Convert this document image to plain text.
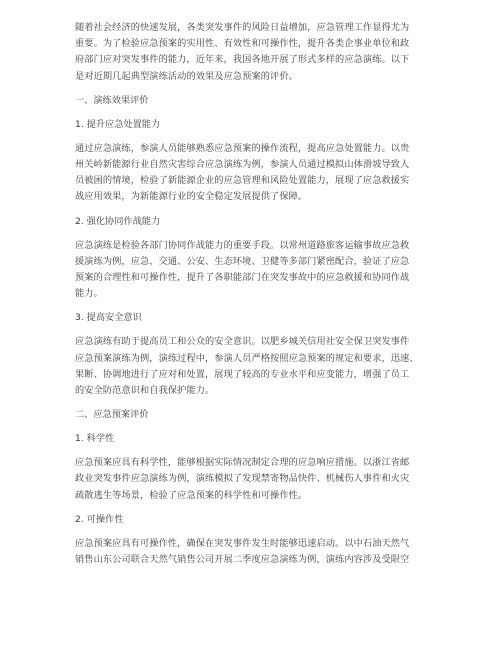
随着社会经济的快速发展，各类突发事件的风险日益增加，应急管理工作显得尤为
重要。为了检验应急预案的实用性、有效性和可操作性，提升各类企事业单位和政
府部门应对突发事件的能力，近年来，我国各地开展了形式多样的应急演练。以下
是对近期几起典型演练活动的效果及应急预案的评价。
一、演练效果评价
1. 提升应急处置能力
通过应急演练，参演人员能够熟悉应急预案的操作流程，提高应急处置能力。以贵
州关岭新能源行业自然灾害综合应急演练为例，参演人员通过模拟山体滑坡导致人
员被困的情境，检验了新能源企业的应急管理和风险处置能力，展现了应急救援实
战应用效果，为新能源行业的安全稳定发展提供了保障。
2. 强化协同作战能力
应急演练是检验各部门协同作战能力的重要手段。以常州道路旅客运输事故应急救
援演练为例，应急、交通、公安、生态环境、卫健等多部门紧密配合，验证了应急
预案的合理性和可操作性，提升了各职能部门在突发事故中的应急救援和协同作战
能力。
3. 提高安全意识
应急演练有助于提高员工和公众的安全意识。以肥乡城关信用社安全保卫突发事件
应急预案演练为例，演练过程中，参演人员严格按照应急预案的规定和要求，迅速、
果断、协调地进行了应对和处置，展现了较高的专业水平和应变能力，增强了员工
的安全防范意识和自我保护能力。
二、应急预案评价
1. 科学性
应急预案应具有科学性，能够根据实际情况制定合理的应急响应措施。以浙江省邮
政业突发事件应急演练为例，演练模拟了发现禁寄物品快件、机械伤人事件和火灾
疏散逃生等场景，检验了应急预案的科学性和可操作性。
2. 可操作性
应急预案应具有可操作性，确保在突发事件发生时能够迅速启动。以中石油天然气
销售山东公司联合天然气销售公司开展二季度应急演练为例，演练内容涉及受限空
